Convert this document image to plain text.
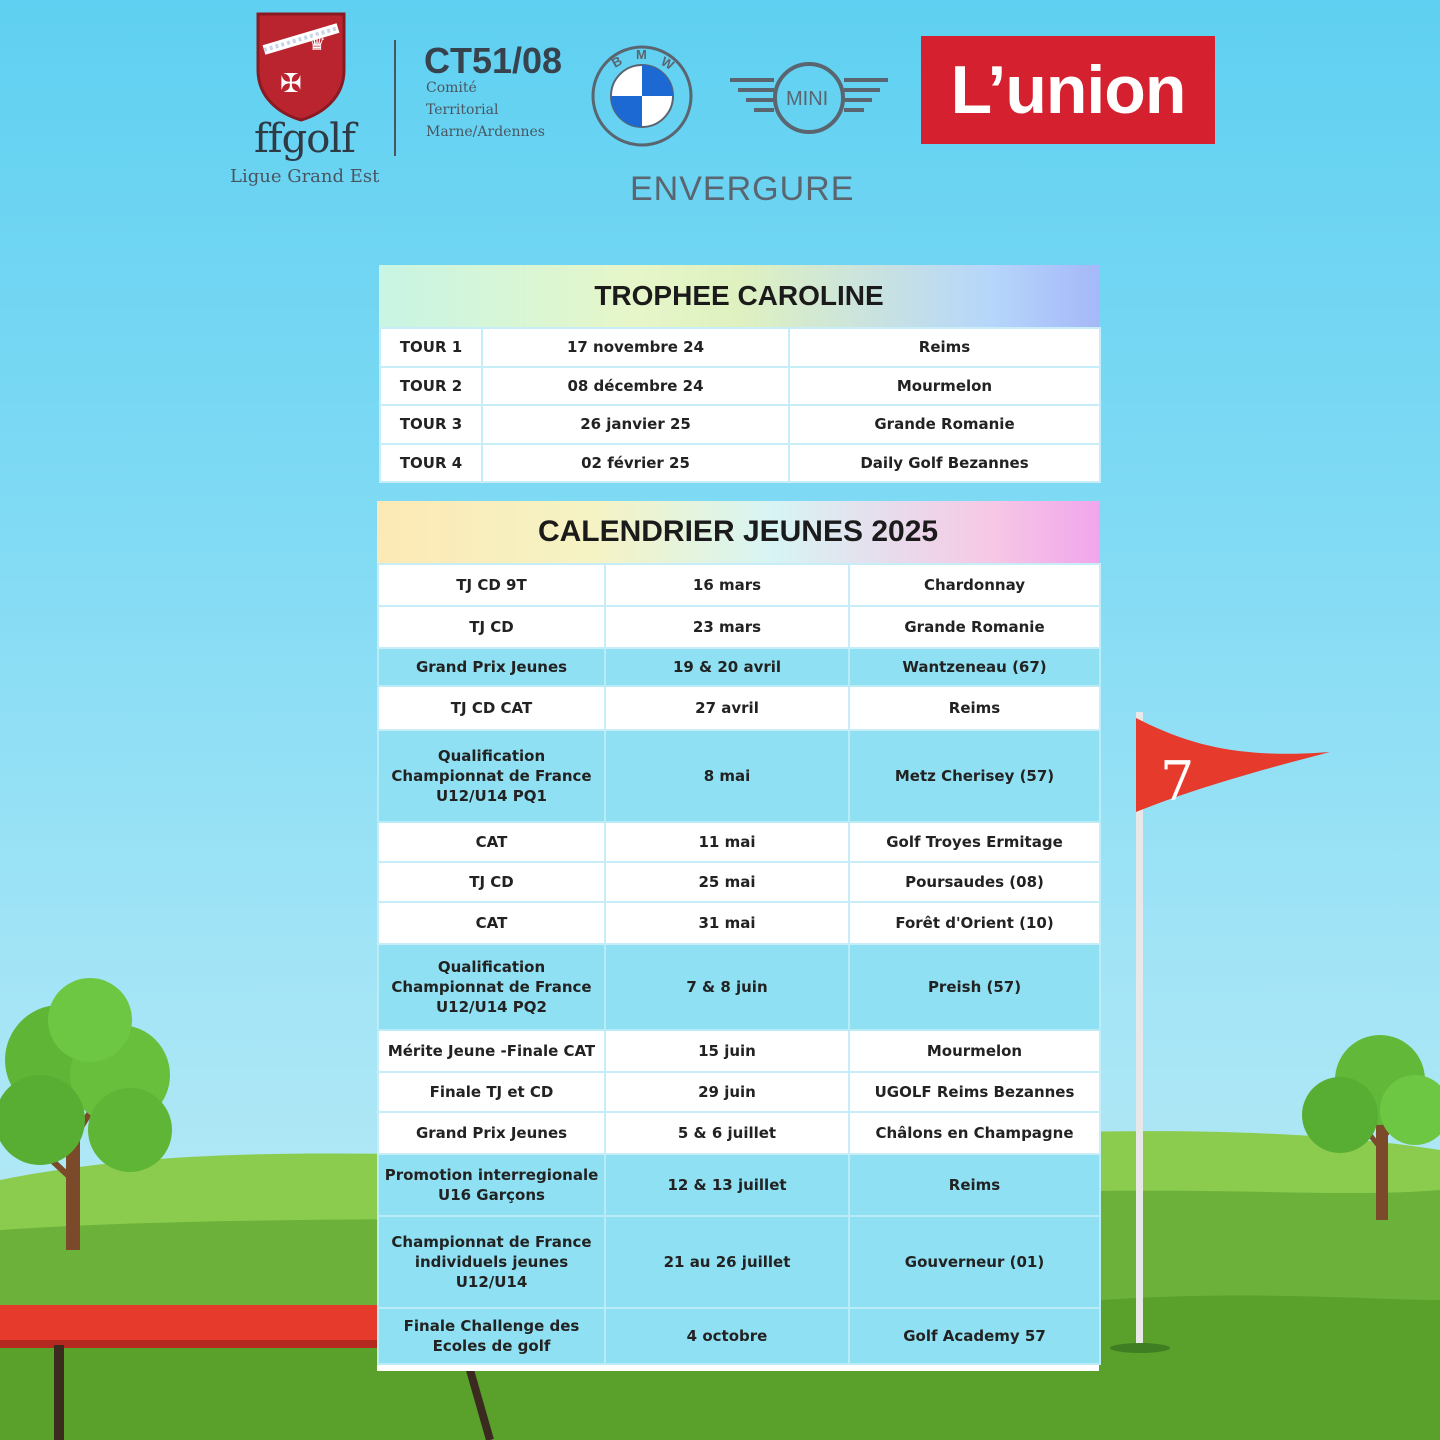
7
✠
♛
ffgolf
Ligue Grand Est
CT51/08
Comité
Territorial
Marne/Ardennes
B M W
MINI
ENVERGURE
L’union
TROPHEE CAROLINE
TOUR 1	17 novembre 24	Reims
TOUR 2	08 décembre 24	Mourmelon
TOUR 3	26 janvier 25	Grande Romanie
TOUR 4	02 février 25	Daily Golf Bezannes
CALENDRIER JEUNES 2025
TJ CD 9T	16 mars	Chardonnay
TJ CD	23 mars	Grande Romanie
Grand Prix Jeunes	19 & 20 avril	Wantzeneau (67)
TJ CD CAT	27 avril	Reims
Qualification Championnat de France U12/U14 PQ1	8 mai	Metz Cherisey (57)
CAT	11 mai	Golf Troyes Ermitage
TJ CD	25 mai	Poursaudes (08)
CAT	31 mai	Forêt d'Orient (10)
Qualification Championnat de France U12/U14 PQ2	7 & 8 juin	Preish (57)
Mérite Jeune -Finale CAT	15 juin	Mourmelon
Finale TJ et CD	29 juin	UGOLF Reims Bezannes
Grand Prix Jeunes	5 & 6 juillet	Châlons en Champagne
Promotion interregionale U16 Garçons	12 & 13 juillet	Reims
Championnat de France individuels jeunes U12/U14	21 au 26 juillet	Gouverneur (01)
Finale Challenge des Ecoles de golf	4 octobre	Golf Academy 57
